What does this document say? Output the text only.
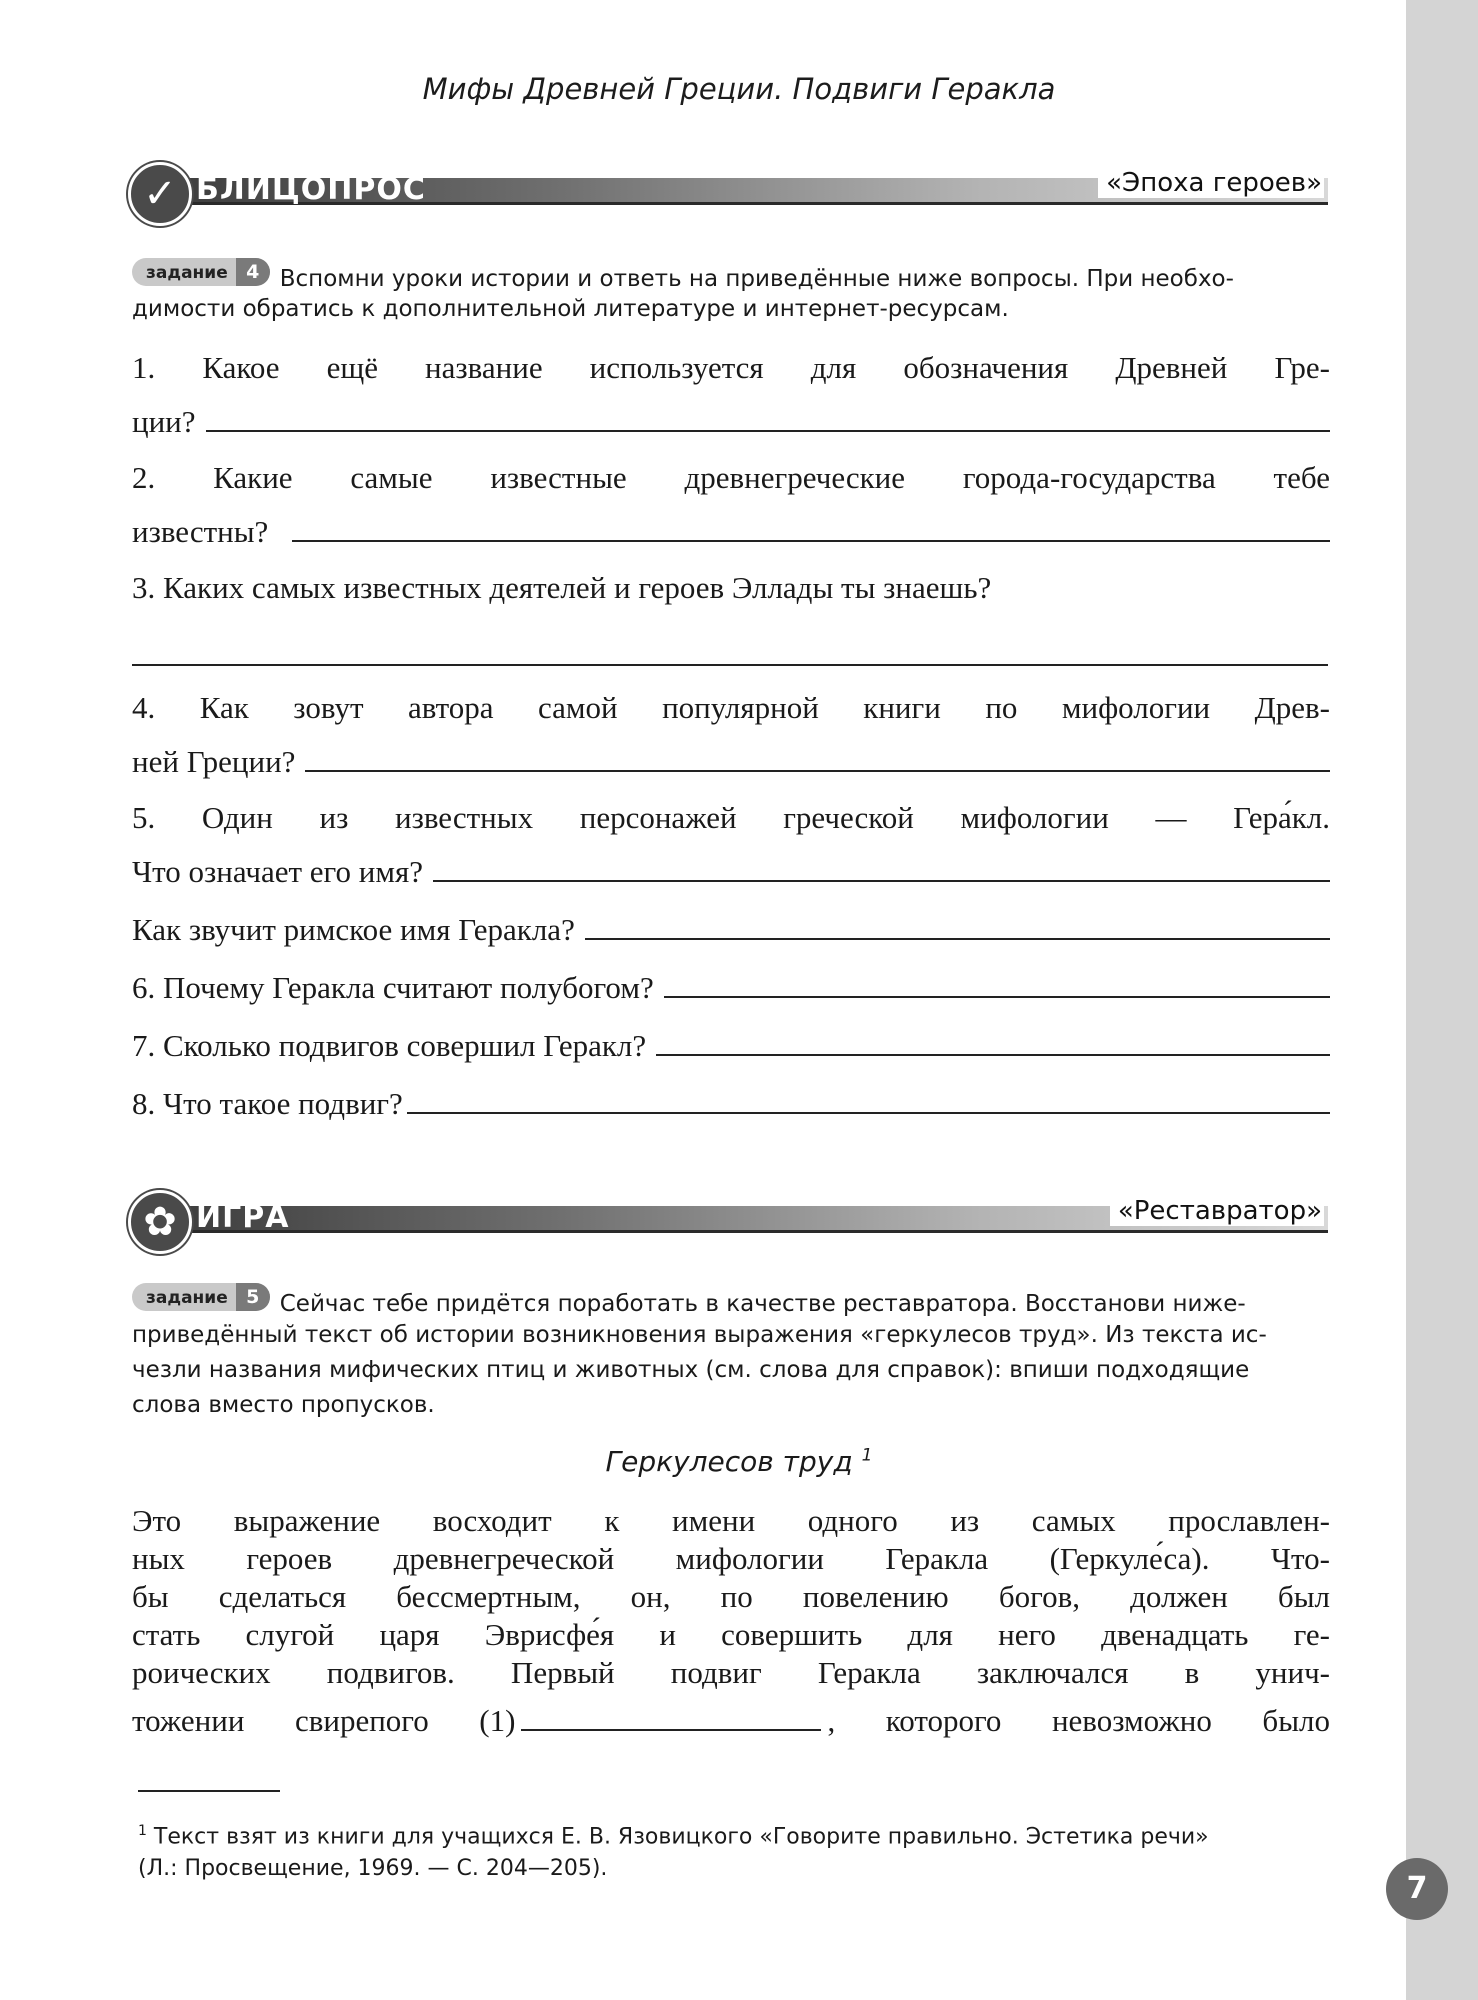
Мифы Древней Греции. Подвиги Геракла
✓ БЛИЦОПРОС	«Эпоха героев»
задание 4 Вспомни уроки истории и ответь на приведённые ниже вопросы. При необхо-
димости обратись к дополнительной литературе и интернет-ресурсам.
1. Какое ещё название используется для обозначения Древней Гре-
ции?
2. Какие самые известные древнегреческие города-государства тебе
известны?
3. Каких самых известных деятелей и героев Эллады ты знаешь?
4. Как зовут автора самой популярной книги по мифологии Древ-
ней Греции?
5. Один из известных персонажей греческой мифологии — Гера́кл.
Что означает его имя?
Как звучит римское имя Геракла?
6. Почему Геракла считают полубогом?
7. Сколько подвигов совершил Геракл?
8. Что такое подвиг?
✿ ИГРА	«Реставратор»
задание 5 Сейчас тебе придётся поработать в качестве реставратора. Восстанови ниже-
приведённый текст об истории возникновения выражения «геркулесов труд». Из текста ис-
чезли названия мифических птиц и животных (см. слова для справок): впиши подходящие
слова вместо пропусков.
Геркулесов труд $^1$

Это выражение восходит к имени одного из самых прославлен-

ных героев древнегреческой мифологии Геракла (Геркуле́са). Что-

бы сделаться бессмертным, он, по повелению богов, должен был

стать слугой царя Эврисфе́я и совершить для него двенадцать ге-

роических подвигов. Первый подвиг Геракла заключался в унич-

тожении свирепого (1)	, которого невозможно было

$^1$ Текст взят из книги для учащихся Е. В. Язовицкого «Говорите правильно. Эстетика речи»
(Л.: Просвещение, 1969. — С. 204—205).
7
